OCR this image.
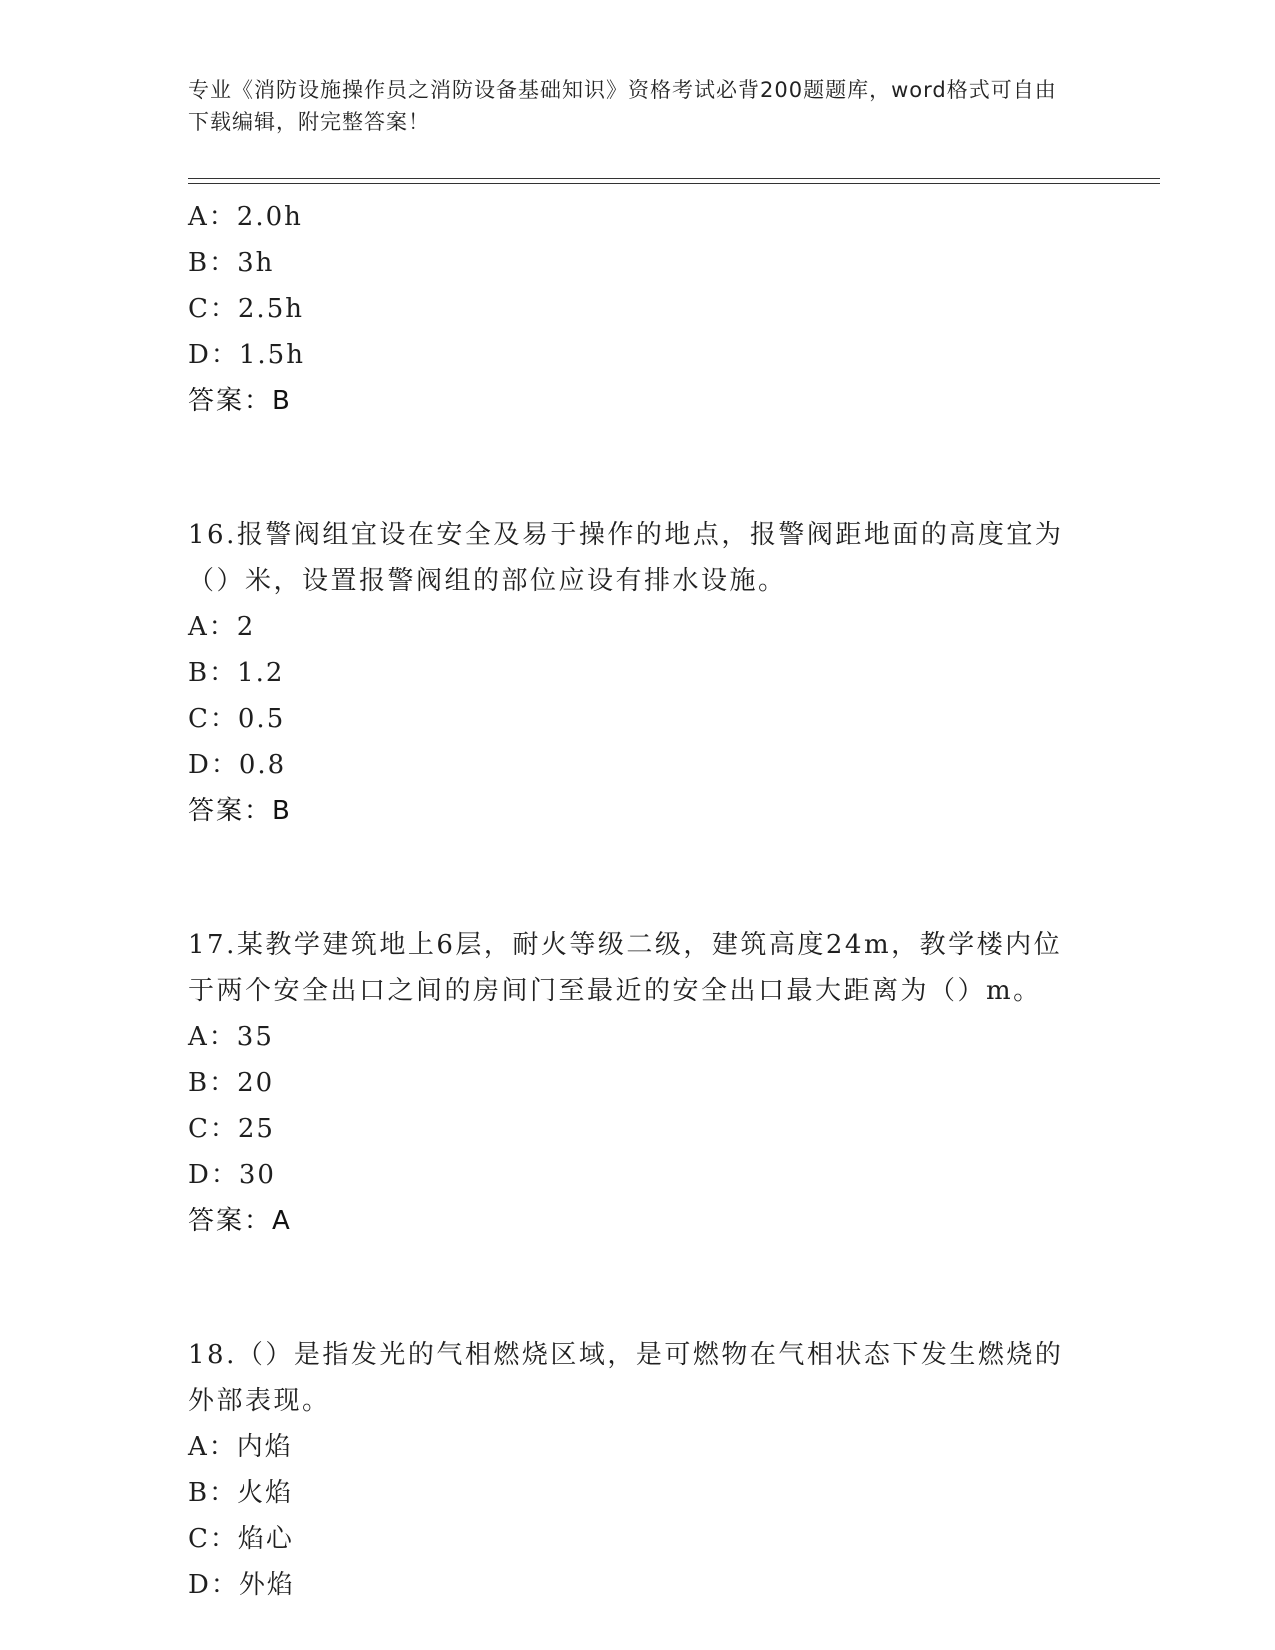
专业《消防设施操作员之消防设备基础知识》资格考试必背200题题库，word格式可自由下载编辑，附完整答案！
A：2.0h
B：3h
C：2.5h
D：1.5h
答案：B
16.报警阀组宜设在安全及易于操作的地点，报警阀距地面的高度宜为（）米，设置报警阀组的部位应设有排水设施。
A：2
B：1.2
C：0.5
D：0.8
答案：B
17.某教学建筑地上6层，耐火等级二级，建筑高度24m，教学楼内位于两个安全出口之间的房间门至最近的安全出口最大距离为（）m。
A：35
B：20
C：25
D：30
答案：A
18.（）是指发光的气相燃烧区域，是可燃物在气相状态下发生燃烧的外部表现。
A：内焰
B：火焰
C：焰心
D：外焰
